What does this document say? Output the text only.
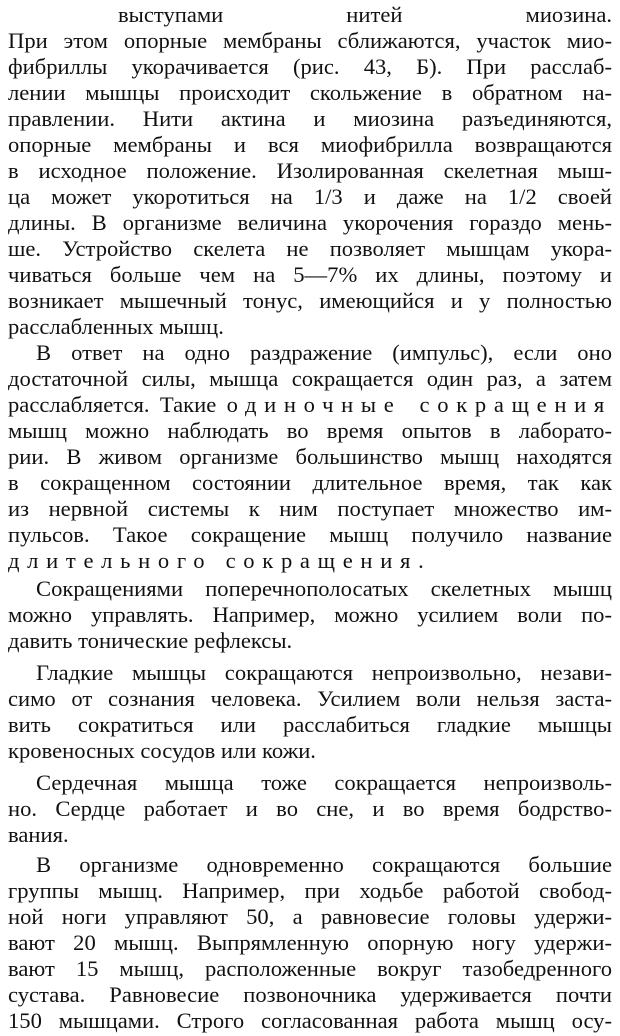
выступами нитей миозина.
При этом опорные мембраны сближаются, участок мио-
фибриллы укорачивается (рис. 43, Б). При расслаб-
лении мышцы происходит скольжение в обратном на-
правлении. Нити актина и миозина разъединяются,
опорные мембраны и вся миофибрилла возвращаются
в исходное положение. Изолированная скелетная мыш-
ца может укоротиться на 1/3 и даже на 1/2 своей
длины. В организме величина укорочения гораздо мень-
ше. Устройство скелета не позволяет мышцам укора-
чиваться больше чем на 5—7% их длины, поэтому и
возникает мышечный тонус, имеющийся и у полностью
расслабленных мышц.
В ответ на одно раздражение (импульс), если оно
достаточной силы, мышца сокращается один раз, а затем
расслабляется. Такие одиночные сокращения
мышц можно наблюдать во время опытов в лаборато-
рии. В живом организме большинство мышц находятся
в сокращенном состоянии длительное время, так как
из нервной системы к ним поступает множество им-
пульсов. Такое сокращение мышц получило название
длительного сокращения.
Сокращениями поперечнополосатых скелетных мышц
можно управлять. Например, можно усилием воли по-
давить тонические рефлексы.
Гладкие мышцы сокращаются непроизвольно, незави-
симо от сознания человека. Усилием воли нельзя заста-
вить сократиться или расслабиться гладкие мышцы
кровеносных сосудов или кожи.
Сердечная мышца тоже сокращается непроизволь-
но. Сердце работает и во сне, и во время бодрство-
вания.
В организме одновременно сокращаются большие
группы мышц. Например, при ходьбе работой свобод-
ной ноги управляют 50, а равновесие головы удержи-
вают 20 мышц. Выпрямленную опорную ногу удержи-
вают 15 мышц, расположенные вокруг тазобедренного
сустава. Равновесие позвоночника удерживается почти
150 мышцами. Строго согласованная работа мышц осу-
